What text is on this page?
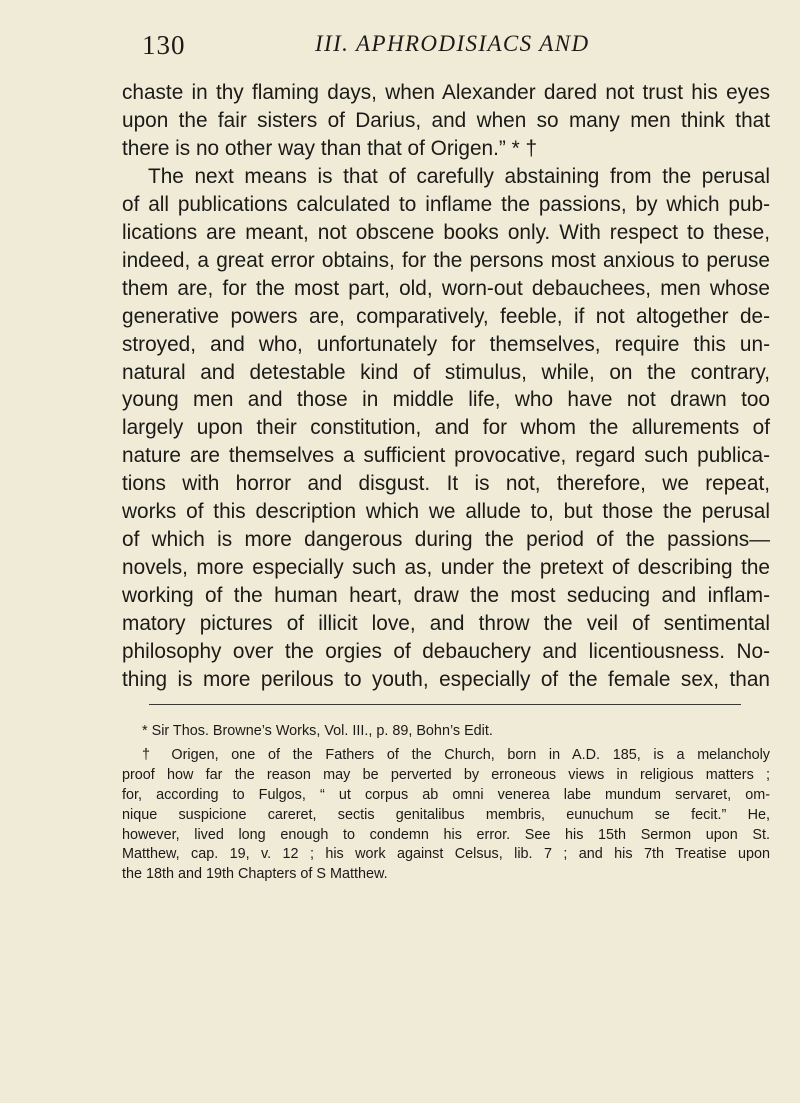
130	III. APHRODISIACS AND
chaste in thy flaming days, when Alexander dared not trust his eyes
upon the fair sisters of Darius, and when so many men think that
there is no other way than that of Origen.” * †
The next means is that of carefully abstaining from the perusal
of all publications calculated to inflame the passions, by which pub-
lications are meant, not obscene books only. With respect to these,
indeed, a great error obtains, for the persons most anxious to peruse
them are, for the most part, old, worn-out debauchees, men whose
generative powers are, comparatively, feeble, if not altogether de-
stroyed, and who, unfortunately for themselves, require this un-
natural and detestable kind of stimulus, while, on the contrary,
young men and those in middle life, who have not drawn too
largely upon their constitution, and for whom the allurements of
nature are themselves a sufficient provocative, regard such publica-
tions with horror and disgust. It is not, therefore, we repeat,
works of this description which we allude to, but those the perusal
of which is more dangerous during the period of the passions—
novels, more especially such as, under the pretext of describing the
working of the human heart, draw the most seducing and inflam-
matory pictures of illicit love, and throw the veil of sentimental
philosophy over the orgies of debauchery and licentiousness. No-
thing is more perilous to youth, especially of the female sex, than
* Sir Thos. Browne’s Works, Vol. III., p. 89, Bohn’s Edit.
† Origen, one of the Fathers of the Church, born in A.D. 185, is a melancholy
proof how far the reason may be perverted by erroneous views in religious matters ;
for, according to Fulgos, “ ut corpus ab omni venerea labe mundum servaret, om-
nique suspicione careret, sectis genitalibus membris, eunuchum se fecit.” He,
however, lived long enough to condemn his error. See his 15th Sermon upon St.
Matthew, cap. 19, v. 12 ; his work against Celsus, lib. 7 ; and his 7th Treatise upon
the 18th and 19th Chapters of S Matthew.
